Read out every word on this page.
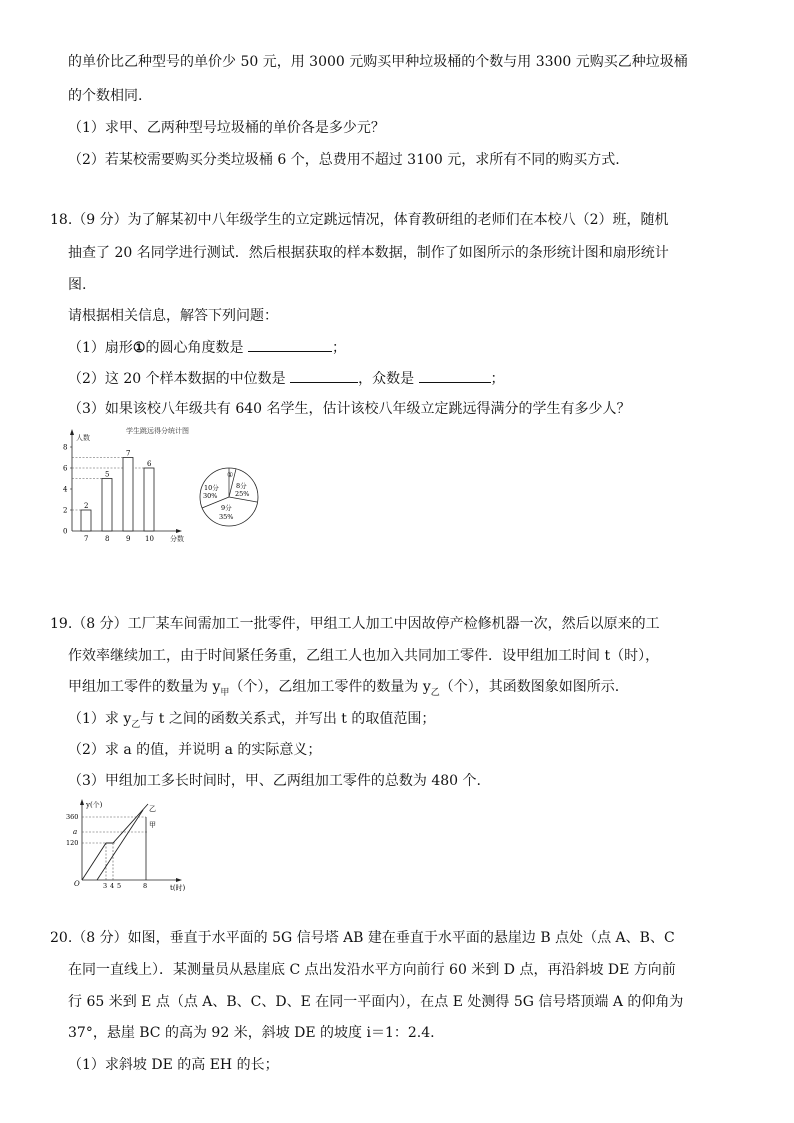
的单价比乙种型号的单价少 50 元，用 3000 元购买甲种垃圾桶的个数与用 3300 元购买乙种垃圾桶
的个数相同.
（1）求甲、乙两种型号垃圾桶的单价各是多少元？
（2）若某校需要购买分类垃圾桶 6 个，总费用不超过 3100 元，求所有不同的购买方式.
18.（9 分）为了解某初中八年级学生的立定跳远情况，体育教研组的老师们在本校八（2）班，随机
抽查了 20 名同学进行测试．然后根据获取的样本数据，制作了如图所示的条形统计图和扇形统计
图.
请根据相关信息，解答下列问题：
（1）扇形①的圆心角度数是	；
（2）这 20 个样本数据的中位数是	，众数是	；
（3）如果该校八年级共有 640 名学生，估计该校八年级立定跳远得满分的学生有多少人？
学生跳远得分统计图
人数
分数
0
2
4
6
8
2
5
7
6
7 8 9 10
①
8分
25%
9分
35%
10分
30%
19.（8 分）工厂某车间需加工一批零件，甲组工人加工中因故停产检修机器一次，然后以原来的工
作效率继续加工，由于时间紧任务重，乙组工人也加入共同加工零件．设甲组加工时间 t（时），
甲组加工零件的数量为 $y_甲$（个），乙组加工零件的数量为 $y_乙$（个），其函数图象如图所示.
（1）求 $y_乙$与 t 之间的函数关系式，并写出 t 的取值范围；
（2）求 a 的值，并说明 a 的实际意义；
（3）甲组加工多长时间时，甲、乙两组加工零件的总数为 480 个.
y(个)
t(时)
O
360
a
120
乙
甲
3 4 5	8
20.（8 分）如图，垂直于水平面的 5G 信号塔 AB 建在垂直于水平面的悬崖边 B 点处（点 A、B、C
在同一直线上）．某测量员从悬崖底 C 点出发沿水平方向前行 60 米到 D 点，再沿斜坡 DE 方向前
行 65 米到 E 点（点 A、B、C、D、E 在同一平面内），在点 E 处测得 5G 信号塔顶端 A 的仰角为
37°，悬崖 BC 的高为 92 米，斜坡 DE 的坡度 i＝1：2.4.
（1）求斜坡 DE 的高 EH 的长；
